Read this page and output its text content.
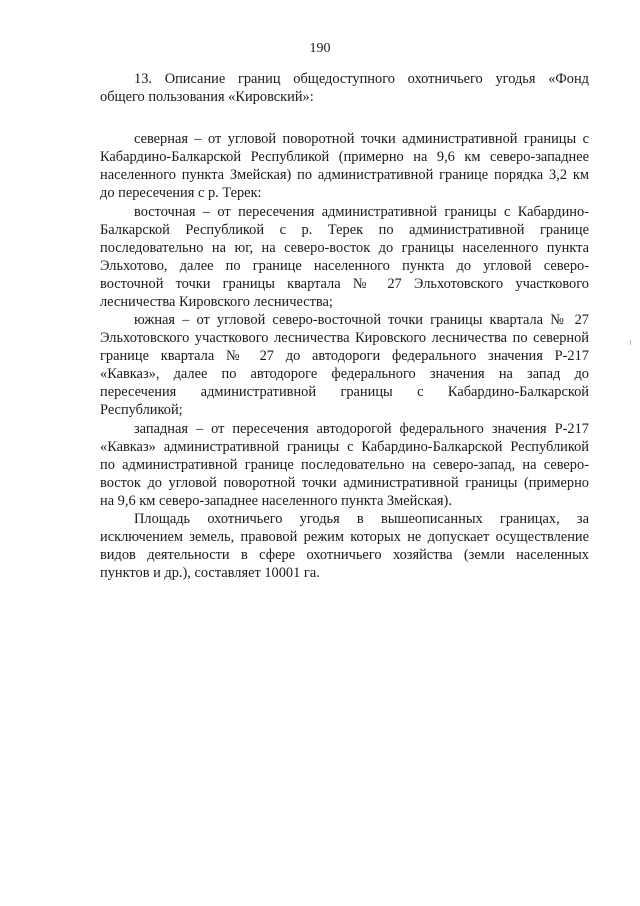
190
13. Описание границ общедоступного охотничьего угодья «Фонд
общего пользования «Кировский»:
северная – от угловой поворотной точки административной границы с
Кабардино-Балкарской Республикой (примерно на 9,6 км северо-западнее
населенного пункта Змейская) по административной границе порядка 3,2 км
до пересечения с р. Терек:
восточная – от пересечения административной границы с Кабардино-
Балкарской Республикой с р. Терек по административной границе
последовательно на юг, на северо-восток до границы населенного пункта
Эльхотово, далее по границе населенного пункта до угловой северо-
восточной точки границы квартала № 27 Эльхотовского участкового
лесничества Кировского лесничества;
южная – от угловой северо-восточной точки границы квартала № 27
Эльхотовского участкового лесничества Кировского лесничества по северной
границе квартала № 27 до автодороги федерального значения Р-217
«Кавказ», далее по автодороге федерального значения на запад до
пересечения административной границы с Кабардино-Балкарской
Республикой;
западная – от пересечения автодорогой федерального значения Р-217
«Кавказ» административной границы с Кабардино-Балкарской Республикой
по административной границе последовательно на северо-запад, на северо-
восток до угловой поворотной точки административной границы (примерно
на 9,6 км северо-западнее населенного пункта Змейская).
Площадь охотничьего угодья в вышеописанных границах, за
исключением земель, правовой режим которых не допускает осуществление
видов деятельности в сфере охотничьего хозяйства (земли населенных
пунктов и др.), составляет 10001 га.
